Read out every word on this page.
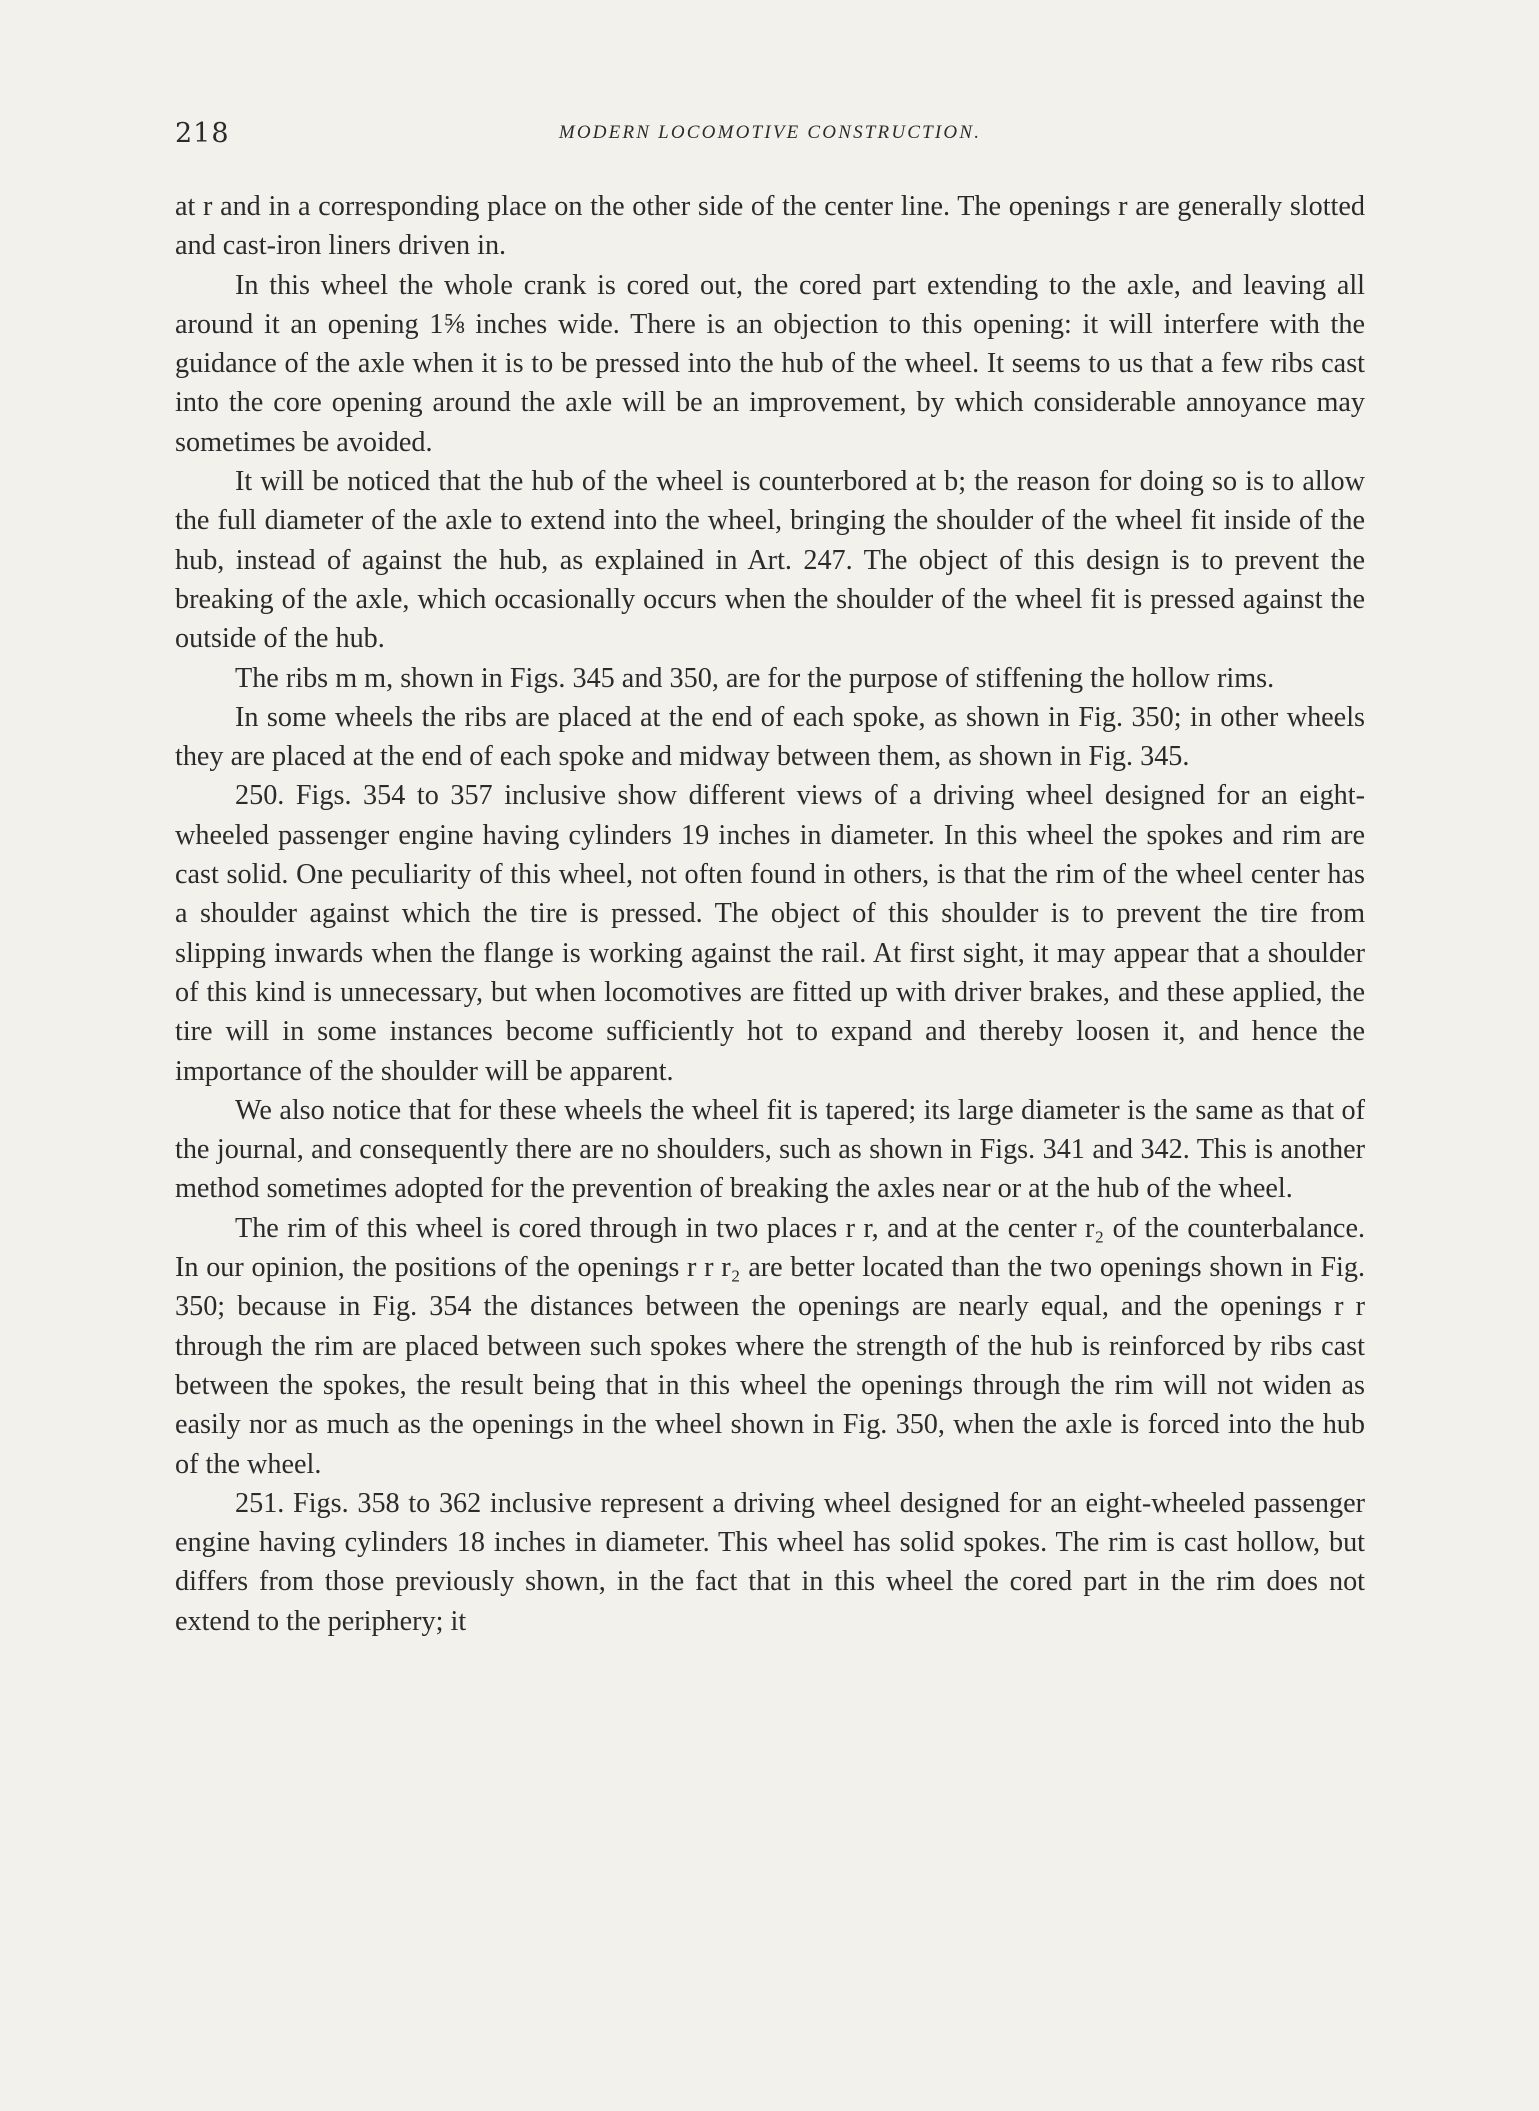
218	MODERN LOCOMOTIVE CONSTRUCTION.

at r and in a corresponding place on the other side of the center line. The openings r are generally slotted and cast-iron liners driven in.

In this wheel the whole crank is cored out, the cored part extending to the axle, and leaving all around it an opening 1⅝ inches wide. There is an objection to this opening: it will interfere with the guidance of the axle when it is to be pressed into the hub of the wheel. It seems to us that a few ribs cast into the core opening around the axle will be an improvement, by which considerable annoyance may sometimes be avoided.

It will be noticed that the hub of the wheel is counterbored at b; the reason for doing so is to allow the full diameter of the axle to extend into the wheel, bringing the shoulder of the wheel fit inside of the hub, instead of against the hub, as explained in Art. 247. The object of this design is to prevent the breaking of the axle, which occasionally occurs when the shoulder of the wheel fit is pressed against the outside of the hub.

The ribs m m, shown in Figs. 345 and 350, are for the purpose of stiffening the hollow rims.

In some wheels the ribs are placed at the end of each spoke, as shown in Fig. 350; in other wheels they are placed at the end of each spoke and midway between them, as shown in Fig. 345.

250. Figs. 354 to 357 inclusive show different views of a driving wheel designed for an eight-wheeled passenger engine having cylinders 19 inches in diameter. In this wheel the spokes and rim are cast solid. One peculiarity of this wheel, not often found in others, is that the rim of the wheel center has a shoulder against which the tire is pressed. The object of this shoulder is to prevent the tire from slipping inwards when the flange is working against the rail. At first sight, it may appear that a shoulder of this kind is unnecessary, but when locomotives are fitted up with driver brakes, and these applied, the tire will in some instances become sufficiently hot to expand and thereby loosen it, and hence the importance of the shoulder will be apparent.

We also notice that for these wheels the wheel fit is tapered; its large diameter is the same as that of the journal, and consequently there are no shoulders, such as shown in Figs. 341 and 342. This is another method sometimes adopted for the prevention of breaking the axles near or at the hub of the wheel.

The rim of this wheel is cored through in two places r r, and at the center r₂ of the counterbalance. In our opinion, the positions of the openings r r r₂ are better located than the two openings shown in Fig. 350; because in Fig. 354 the distances between the openings are nearly equal, and the openings r r through the rim are placed between such spokes where the strength of the hub is reinforced by ribs cast between the spokes, the result being that in this wheel the openings through the rim will not widen as easily nor as much as the openings in the wheel shown in Fig. 350, when the axle is forced into the hub of the wheel.

251. Figs. 358 to 362 inclusive represent a driving wheel designed for an eight-wheeled passenger engine having cylinders 18 inches in diameter. This wheel has solid spokes. The rim is cast hollow, but differs from those previously shown, in the fact that in this wheel the cored part in the rim does not extend to the periphery; it
